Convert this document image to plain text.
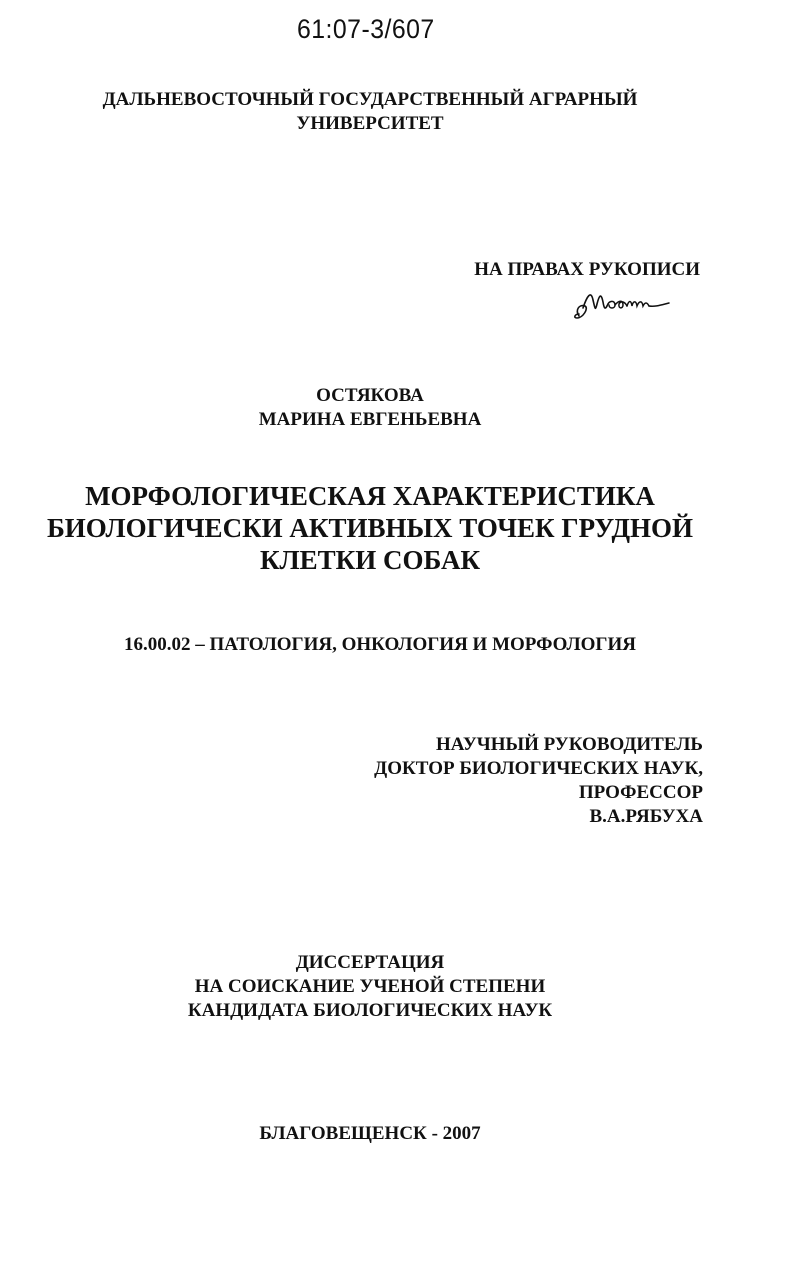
61:07-3/607
ДАЛЬНЕВОСТОЧНЫЙ ГОСУДАРСТВЕННЫЙ АГРАРНЫЙ
УНИВЕРСИТЕТ
НА ПРАВАХ РУКОПИСИ
ОСТЯКОВА
МАРИНА ЕВГЕНЬЕВНА
МОРФОЛОГИЧЕСКАЯ ХАРАКТЕРИСТИКА
БИОЛОГИЧЕСКИ АКТИВНЫХ ТОЧЕК ГРУДНОЙ
КЛЕТКИ СОБАК
16.00.02 – ПАТОЛОГИЯ, ОНКОЛОГИЯ И МОРФОЛОГИЯ
НАУЧНЫЙ РУКОВОДИТЕЛЬ
ДОКТОР БИОЛОГИЧЕСКИХ НАУК,
ПРОФЕССОР
В.А.РЯБУХА
ДИССЕРТАЦИЯ
НА СОИСКАНИЕ УЧЕНОЙ СТЕПЕНИ
КАНДИДАТА БИОЛОГИЧЕСКИХ НАУК
БЛАГОВЕЩЕНСК - 2007
